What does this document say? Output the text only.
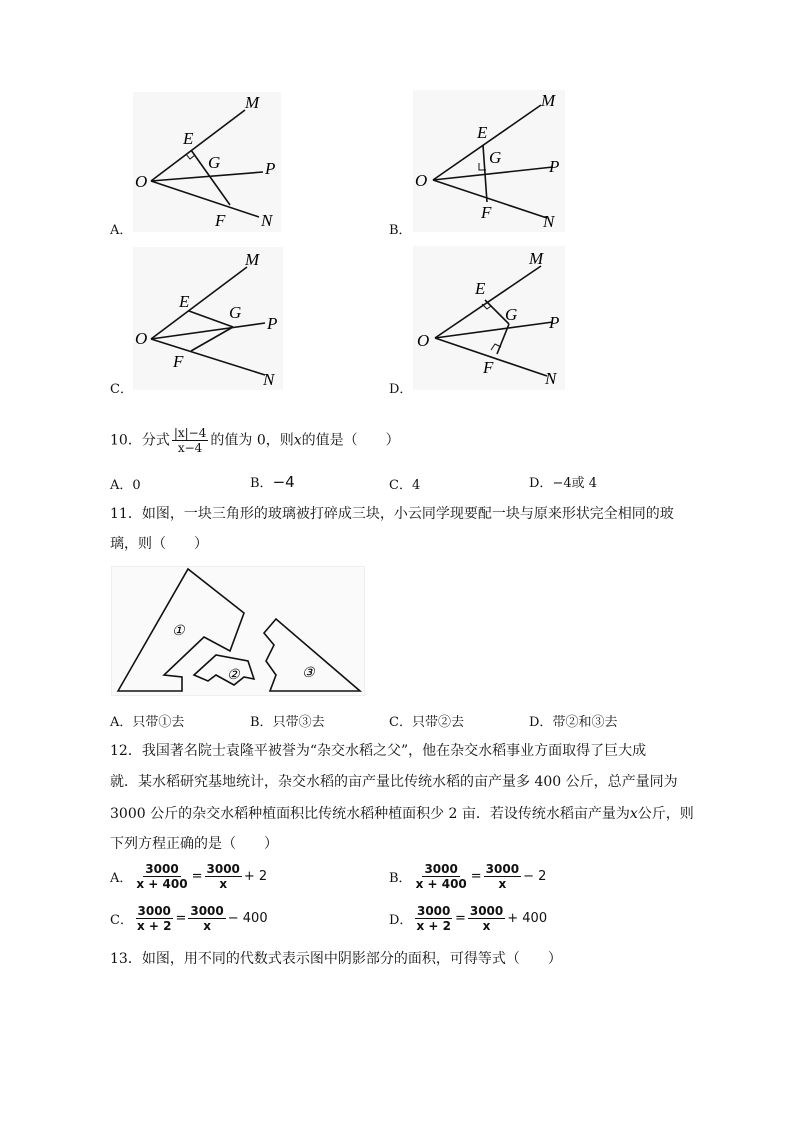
M
E
G
O
P
F N
A．
M
E
G
O
P
F	N
B．
M
E
G
O
P
F
N
C．
M
E
G
O
P
F
N
D．
10．分式 $\frac{|x|-4}{x-4}$ 的值为 0，则x的值是（　　）
A．0	B．−4	C．4	D．−4或 4
11．如图，一块三角形的玻璃被打碎成三块，小云同学现要配一块与原来形状完全相同的玻
璃，则（　　）
①
②	③
A．只带①去	B．只带③去	C．只带②去	D．带②和③去
12．我国著名院士袁隆平被誉为“杂交水稻之父”，他在杂交水稻事业方面取得了巨大成
就．某水稻研究基地统计，杂交水稻的亩产量比传统水稻的亩产量多 400 公斤，总产量同为
3000 公斤的杂交水稻种植面积比传统水稻种植面积少 2 亩．若设传统水稻亩产量为x公斤，则
下列方程正确的是（　　）
A． $\frac{3000}{x + 400} = \frac{3000}{x} + 2$	B． $\frac{3000}{x + 400} = \frac{3000}{x} - 2$
C． $\frac{3000}{x + 2} = \frac{3000}{x} - 400$	D． $\frac{3000}{x + 2} = \frac{3000}{x} + 400$
13．如图，用不同的代数式表示图中阴影部分的面积，可得等式（　　）
